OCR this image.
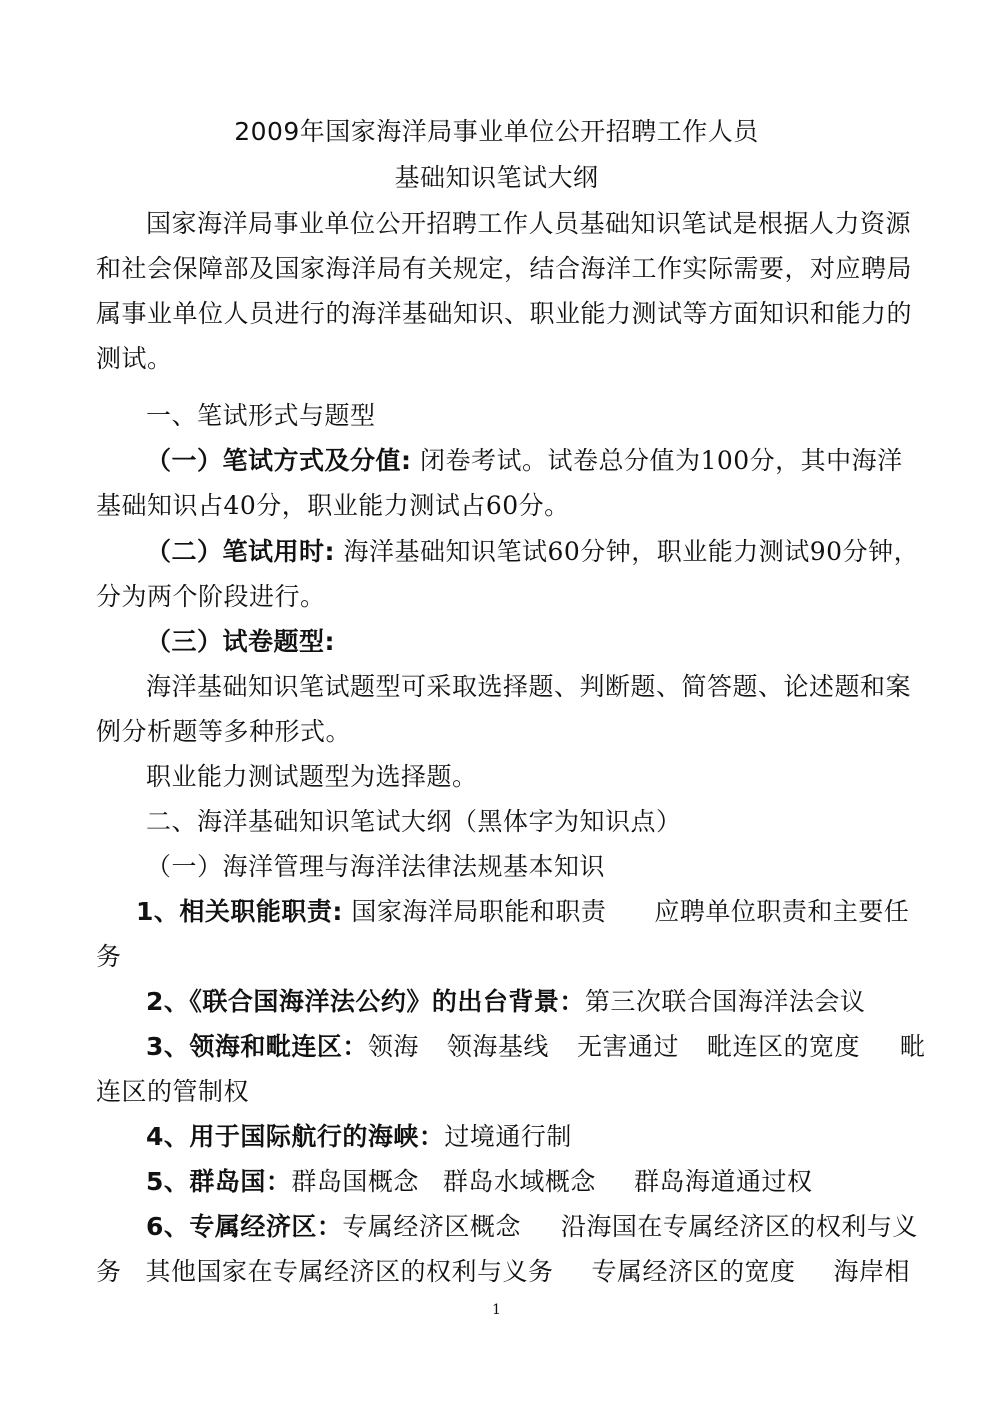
2009年国家海洋局事业单位公开招聘工作人员
基础知识笔试大纲
国家海洋局事业单位公开招聘工作人员基础知识笔试是根据人力资源
和社会保障部及国家海洋局有关规定，结合海洋工作实际需要，对应聘局
属事业单位人员进行的海洋基础知识、职业能力测试等方面知识和能力的
测试。
一、笔试形式与题型
（一）笔试方式及分值: 闭卷考试。试卷总分值为100分，其中海洋
基础知识占40分，职业能力测试占60分。
（二）笔试用时: 海洋基础知识笔试60分钟，职业能力测试90分钟，
分为两个阶段进行。
（三）试卷题型:
海洋基础知识笔试题型可采取选择题、判断题、简答题、论述题和案
例分析题等多种形式。
职业能力测试题型为选择题。
二、海洋基础知识笔试大纲（黑体字为知识点）
（一）海洋管理与海洋法律法规基本知识
1、相关职能职责: 国家海洋局职能和职责 应聘单位职责和主要任
务
2、《联合国海洋法公约》的出台背景：第三次联合国海洋法会议
3、领海和毗连区：领海 领海基线 无害通过 毗连区的宽度 毗
连区的管制权
4、用于国际航行的海峡：过境通行制
5、群岛国：群岛国概念 群岛水域概念 群岛海道通过权
6、专属经济区：专属经济区概念 沿海国在专属经济区的权利与义
务 其他国家在专属经济区的权利与义务 专属经济区的宽度 海岸相
1
